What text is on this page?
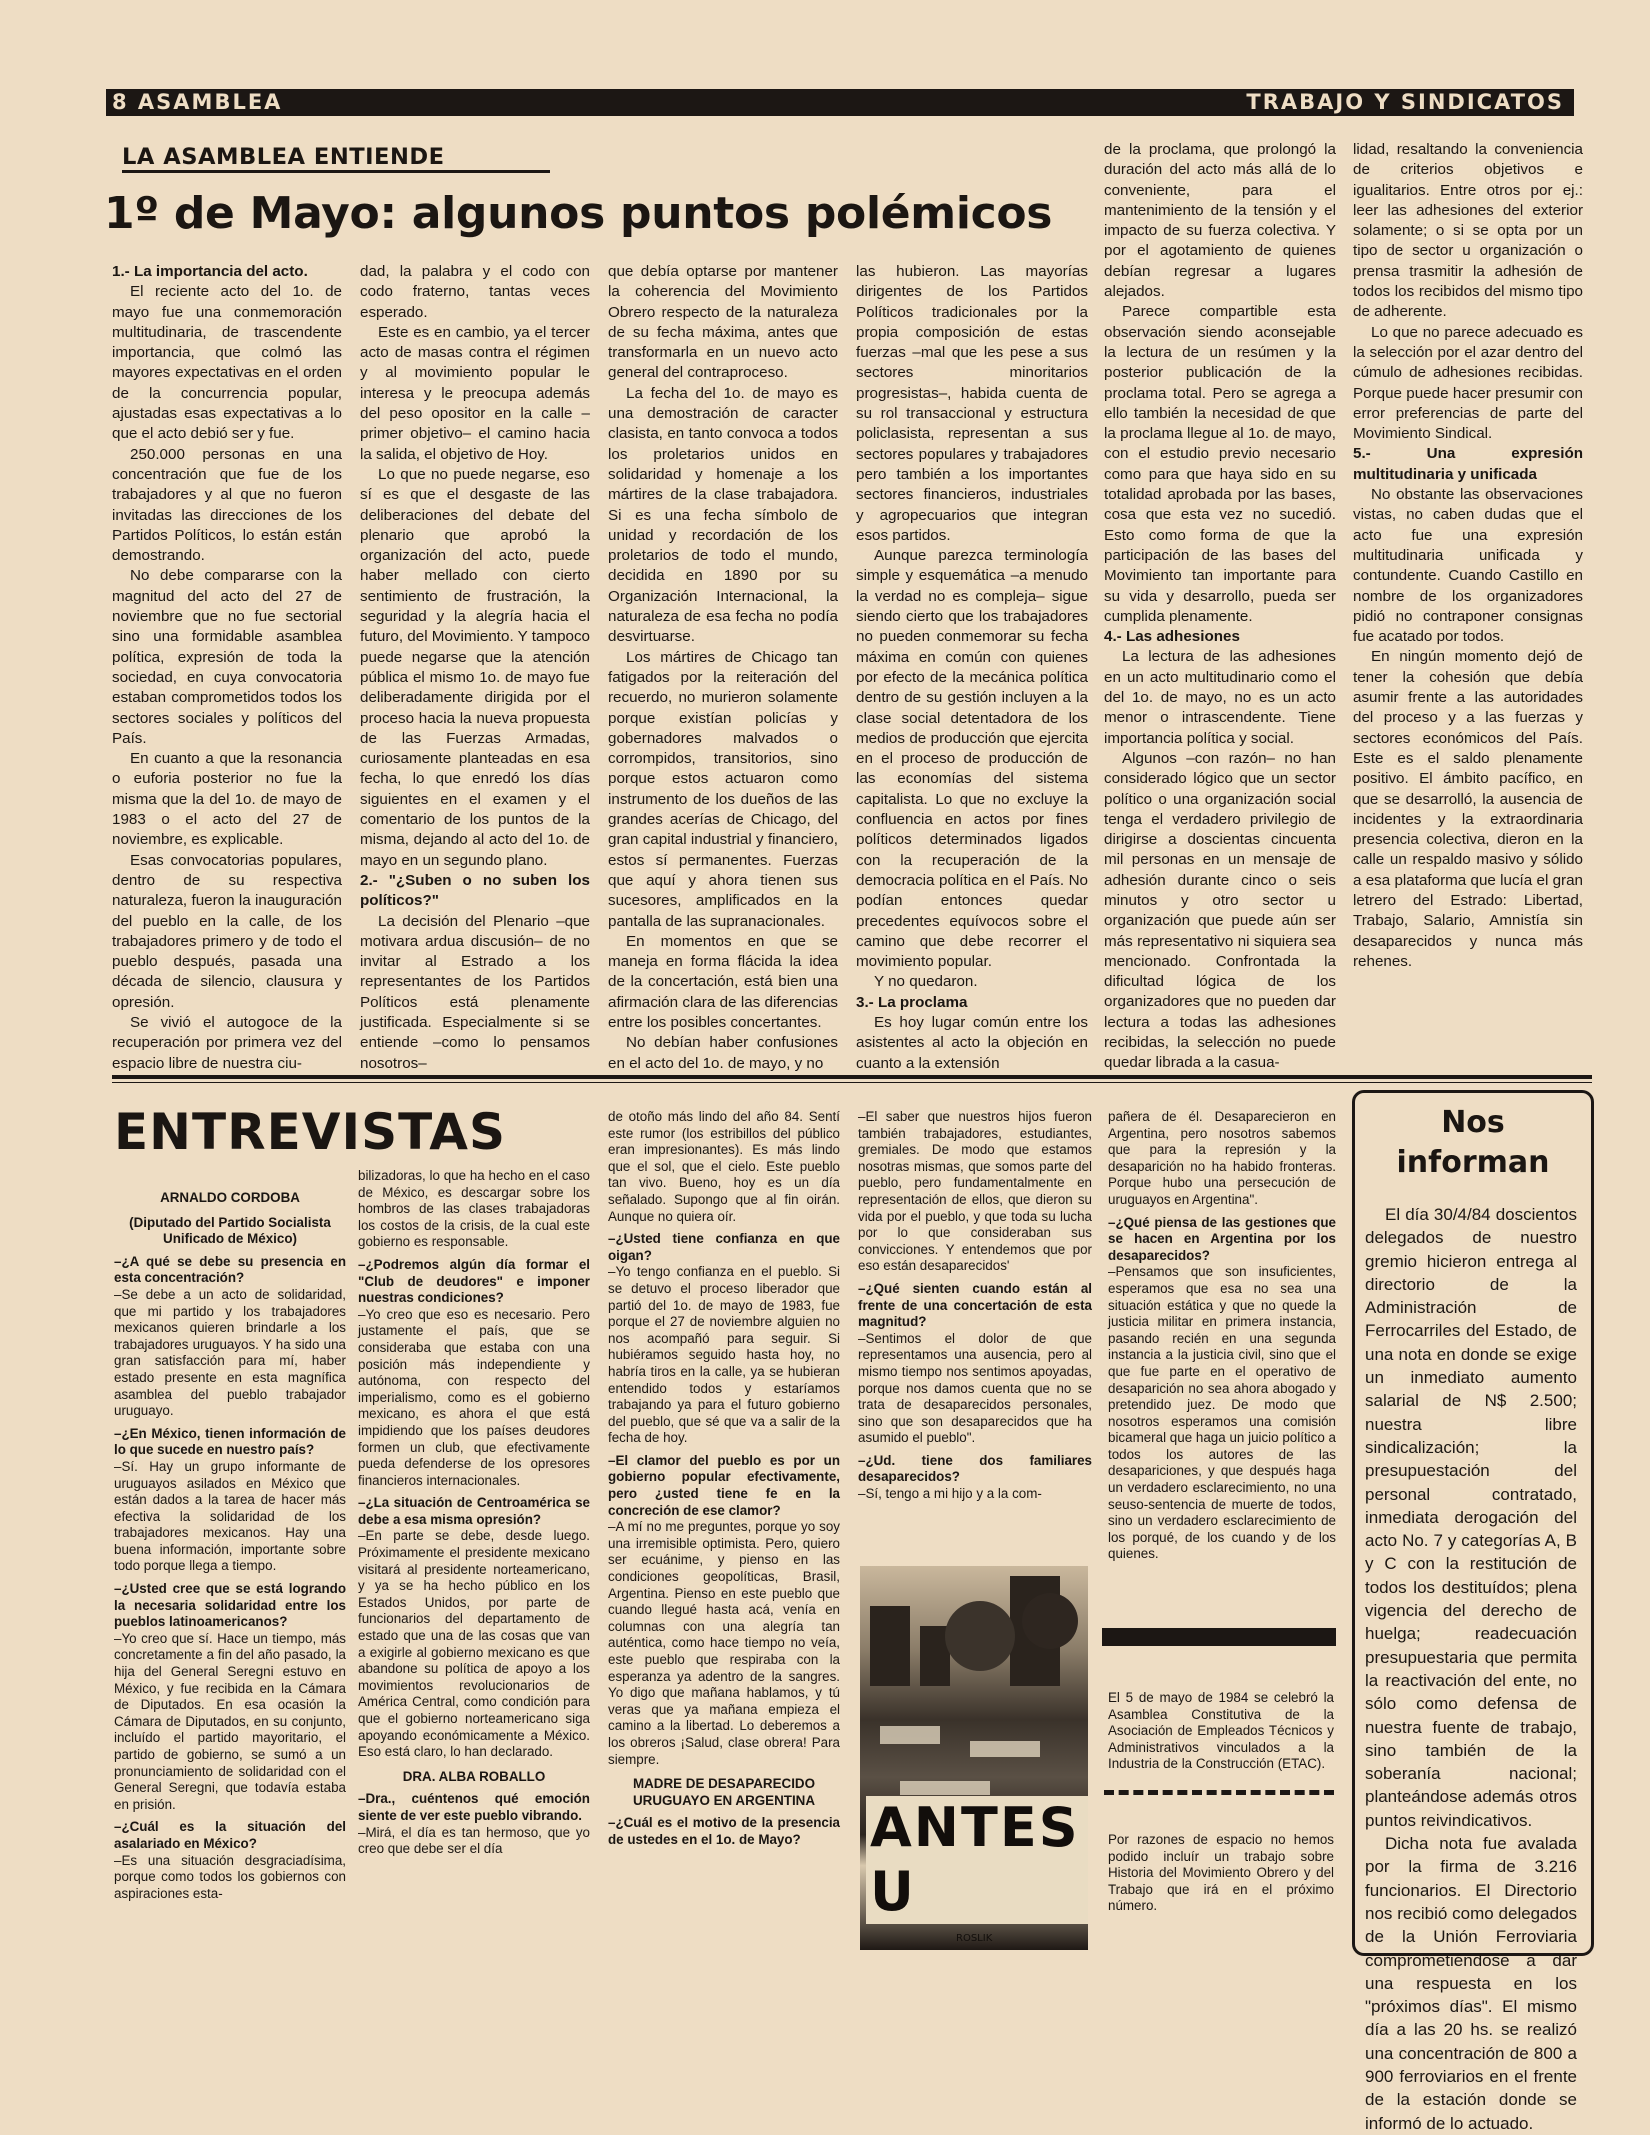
8 ASAMBLEA	TRABAJO Y SINDICATOS
LA ASAMBLEA ENTIENDE
1º de Mayo: algunos puntos polémicos

1.- La importancia del acto.

El reciente acto del 1o. de mayo fue una conmemoración multitudinaria, de trascendente importancia, que colmó las mayores expectativas en el orden de la concurrencia popular, ajustadas esas expectativas a lo que el acto debió ser y fue.

250.000 personas en una concentración que fue de los trabajadores y al que no fueron invitadas las direcciones de los Partidos Políticos, lo están están demostrando.

No debe compararse con la magnitud del acto del 27 de noviembre que no fue sectorial sino una formidable asamblea política, expresión de toda la sociedad, en cuya convocatoria estaban comprometidos todos los sectores sociales y políticos del País.

En cuanto a que la resonancia o euforia posterior no fue la misma que la del 1o. de mayo de 1983 o el acto del 27 de noviembre, es explicable.

Esas convocatorias populares, dentro de su respectiva naturaleza, fueron la inauguración del pueblo en la calle, de los trabajadores primero y de todo el pueblo después, pasada una década de silencio, clausura y opresión.

Se vivió el autogoce de la recuperación por primera vez del espacio libre de nuestra ciu-

dad, la palabra y el codo con codo fraterno, tantas veces esperado.

Este es en cambio, ya el tercer acto de masas contra el régimen y al movimiento popular le interesa y le preocupa además del peso opositor en la calle –primer objetivo– el camino hacia la salida, el objetivo de Hoy.

Lo que no puede negarse, eso sí es que el desgaste de las deliberaciones del debate del plenario que aprobó la organización del acto, puede haber mellado con cierto sentimiento de frustración, la seguridad y la alegría hacia el futuro, del Movimiento. Y tampoco puede negarse que la atención pública el mismo 1o. de mayo fue deliberadamente dirigida por el proceso hacia la nueva propuesta de las Fuerzas Armadas, curiosamente planteadas en esa fecha, lo que enredó los días siguientes en el examen y el comentario de los puntos de la misma, dejando al acto del 1o. de mayo en un segundo plano.

2.- "¿Suben o no suben los políticos?"

La decisión del Plenario –que motivara ardua discusión– de no invitar al Estrado a los representantes de los Partidos Políticos está plenamente justificada. Especialmente si se entiende –como lo pensamos nosotros–

que debía optarse por mantener la coherencia del Movimiento Obrero respecto de la naturaleza de su fecha máxima, antes que transformarla en un nuevo acto general del contraproceso.

La fecha del 1o. de mayo es una demostración de caracter clasista, en tanto convoca a todos los proletarios unidos en solidaridad y homenaje a los mártires de la clase trabajadora. Si es una fecha símbolo de unidad y recordación de los proletarios de todo el mundo, decidida en 1890 por su Organización Internacional, la naturaleza de esa fecha no podía desvirtuarse.

Los mártires de Chicago tan fatigados por la reiteración del recuerdo, no murieron solamente porque existían policías y gobernadores malvados o corrompidos, transitorios, sino porque estos actuaron como instrumento de los dueños de las grandes acerías de Chicago, del gran capital industrial y financiero, estos sí permanentes. Fuerzas que aquí y ahora tienen sus sucesores, amplificados en la pantalla de las supranacionales.

En momentos en que se maneja en forma flácida la idea de la concertación, está bien una afirmación clara de las diferencias entre los posibles concertantes.

No debían haber confusiones en el acto del 1o. de mayo, y no

las hubieron. Las mayorías dirigentes de los Partidos Políticos tradicionales por la propia composición de estas fuerzas –mal que les pese a sus sectores minoritarios progresistas–, habida cuenta de su rol transaccional y estructura policlasista, representan a sus sectores populares y trabajadores pero también a los importantes sectores financieros, industriales y agropecuarios que integran esos partidos.

Aunque parezca terminología simple y esquemática –a menudo la verdad no es compleja– sigue siendo cierto que los trabajadores no pueden conmemorar su fecha máxima en común con quienes por efecto de la mecánica política dentro de su gestión incluyen a la clase social detentadora de los medios de producción que ejercita en el proceso de producción de las economías del sistema capitalista. Lo que no excluye la confluencia en actos por fines políticos determinados ligados con la recuperación de la democracia política en el País. No podían entonces quedar precedentes equívocos sobre el camino que debe recorrer el movimiento popular.

Y no quedaron.

3.- La proclama

Es hoy lugar común entre los asistentes al acto la objeción en cuanto a la extensión

de la proclama, que prolongó la duración del acto más allá de lo conveniente, para el mantenimiento de la tensión y el impacto de su fuerza colectiva. Y por el agotamiento de quienes debían regresar a lugares alejados.

Parece compartible esta observación siendo aconsejable la lectura de un resúmen y la posterior publicación de la proclama total. Pero se agrega a ello también la necesidad de que la proclama llegue al 1o. de mayo, con el estudio previo necesario como para que haya sido en su totalidad aprobada por las bases, cosa que esta vez no sucedió. Esto como forma de que la participación de las bases del Movimiento tan importante para su vida y desarrollo, pueda ser cumplida plenamente.

4.- Las adhesiones

La lectura de las adhesiones en un acto multitudinario como el del 1o. de mayo, no es un acto menor o intrascendente. Tiene importancia política y social.

Algunos –con razón– no han considerado lógico que un sector político o una organización social tenga el verdadero privilegio de dirigirse a doscientas cincuenta mil personas en un mensaje de adhesión durante cinco o seis minutos y otro sector u organización que puede aún ser más representativo ni siquiera sea mencionado. Confrontada la dificultad lógica de los organizadores que no pueden dar lectura a todas las adhesiones recibidas, la selección no puede quedar librada a la casua-

lidad, resaltando la conveniencia de criterios objetivos e igualitarios. Entre otros por ej.: leer las adhesiones del exterior solamente; o si se opta por un tipo de sector u organización o prensa trasmitir la adhesión de todos los recibidos del mismo tipo de adherente.

Lo que no parece adecuado es la selección por el azar dentro del cúmulo de adhesiones recibidas. Porque puede hacer presumir con error preferencias de parte del Movimiento Sindical.

5.- Una expresión multitudinaria y unificada

No obstante las observaciones vistas, no caben dudas que el acto fue una expresión multitudinaria unificada y contundente. Cuando Castillo en nombre de los organizadores pidió no contraponer consignas fue acatado por todos.

En ningún momento dejó de tener la cohesión que debía asumir frente a las autoridades del proceso y a las fuerzas y sectores económicos del País. Este es el saldo plenamente positivo. El ámbito pacífico, en que se desarrolló, la ausencia de incidentes y la extraordinaria presencia colectiva, dieron en la calle un respaldo masivo y sólido a esa plataforma que lucía el gran letrero del Estrado: Libertad, Trabajo, Salario, Amnistía sin desaparecidos y nunca más rehenes.

ENTREVISTAS

ARNALDO CORDOBA

(Diputado del Partido Socialista Unificado de México)

–¿A qué se debe su presencia en esta concentración?

–Se debe a un acto de solidaridad, que mi partido y los trabajadores mexicanos quieren brindarle a los trabajadores uruguayos. Y ha sido una gran satisfacción para mí, haber estado presente en esta magnífica asamblea del pueblo trabajador uruguayo.

–¿En México, tienen información de lo que sucede en nuestro país?

–Sí. Hay un grupo informante de uruguayos asilados en México que están dados a la tarea de hacer más efectiva la solidaridad de los trabajadores mexicanos. Hay una buena información, importante sobre todo porque llega a tiempo.

–¿Usted cree que se está logrando la necesaria solidaridad entre los pueblos latinoamericanos?

–Yo creo que sí. Hace un tiempo, más concretamente a fin del año pasado, la hija del General Seregni estuvo en México, y fue recibida en la Cámara de Diputados. En esa ocasión la Cámara de Diputados, en su conjunto, incluído el partido mayoritario, el partido de gobierno, se sumó a un pronunciamiento de solidaridad con el General Seregni, que todavía estaba en prisión.

–¿Cuál es la situación del asalariado en México?

–Es una situación desgraciadísima, porque como todos los gobiernos con aspiraciones esta-

bilizadoras, lo que ha hecho en el caso de México, es descargar sobre los hombros de las clases trabajadoras los costos de la crisis, de la cual este gobierno es responsable.

–¿Podremos algún día formar el "Club de deudores" e imponer nuestras condiciones?

–Yo creo que eso es necesario. Pero justamente el país, que se consideraba que estaba con una posición más independiente y autónoma, con respecto del imperialismo, como es el gobierno mexicano, es ahora el que está impidiendo que los países deudores formen un club, que efectivamente pueda defenderse de los opresores financieros internacionales.

–¿La situación de Centroamérica se debe a esa misma opresión?

–En parte se debe, desde luego. Próximamente el presidente mexicano visitará al presidente norteamericano, y ya se ha hecho público en los Estados Unidos, por parte de funcionarios del departamento de estado que una de las cosas que van a exigirle al gobierno mexicano es que abandone su política de apoyo a los movimientos revolucionarios de América Central, como condición para que el gobierno norteamericano siga apoyando económicamente a México. Eso está claro, lo han declarado.

DRA. ALBA ROBALLO

–Dra., cuéntenos qué emoción siente de ver este pueblo vibrando.

–Mirá, el día es tan hermoso, que yo creo que debe ser el día

de otoño más lindo del año 84. Sentí este rumor (los estribillos del público eran impresionantes). Es más lindo que el sol, que el cielo. Este pueblo tan vivo. Bueno, hoy es un día señalado. Supongo que al fin oirán. Aunque no quiera oír.

–¿Usted tiene confianza en que oigan?

–Yo tengo confianza en el pueblo. Si se detuvo el proceso liberador que partió del 1o. de mayo de 1983, fue porque el 27 de noviembre alguien no nos acompañó para seguir. Si hubiéramos seguido hasta hoy, no habría tiros en la calle, ya se hubieran entendido todos y estaríamos trabajando ya para el futuro gobierno del pueblo, que sé que va a salir de la fecha de hoy.

–El clamor del pueblo es por un gobierno popular efectivamente, pero ¿usted tiene fe en la concreción de ese clamor?

–A mí no me preguntes, porque yo soy una irremisible optimista. Pero, quiero ser ecuánime, y pienso en las condiciones geopolíticas, Brasil, Argentina. Pienso en este pueblo que cuando llegué hasta acá, venía en columnas con una alegría tan auténtica, como hace tiempo no veía, este pueblo que respiraba con la esperanza ya adentro de la sangres. Yo digo que mañana hablamos, y tú veras que ya mañana empieza el camino a la libertad. Lo deberemos a los obreros ¡Salud, clase obrera! Para siempre.

MADRE DE DESAPARECIDO URUGUAYO EN ARGENTINA

–¿Cuál es el motivo de la presencia de ustedes en el 1o. de Mayo?

–El saber que nuestros hijos fueron también trabajadores, estudiantes, gremiales. De modo que estamos nosotras mismas, que somos parte del pueblo, pero fundamentalmente en representación de ellos, que dieron su vida por el pueblo, y que toda su lucha por lo que consideraban sus convicciones. Y entendemos que por eso están desaparecidos'

–¿Qué sienten cuando están al frente de una concertación de esta magnitud?

–Sentimos el dolor de que representamos una ausencia, pero al mismo tiempo nos sentimos apoyadas, porque nos damos cuenta que no se trata de desaparecidos personales, sino que son desaparecidos que ha asumido el pueblo".

–¿Ud. tiene dos familiares desaparecidos?

–Sí, tengo a mi hijo y a la com-

pañera de él. Desaparecieron en Argentina, pero nosotros sabemos que para la represión y la desaparición no ha habido fronteras. Porque hubo una persecución de uruguayos en Argentina".

–¿Qué piensa de las gestiones que se hacen en Argentina por los desaparecidos?

–Pensamos que son insuficientes, esperamos que esa no sea una situación estática y que no quede la justicia militar en primera instancia, pasando recién en una segunda instancia a la justicia civil, sino que el que fue parte en el operativo de desaparición no sea ahora abogado y pretendido juez. De modo que nosotros esperamos una comisión bicameral que haga un juicio político a todos los autores de las desapariciones, y que después haga un verdadero esclarecimiento, no una seuso-sentencia de muerte de todos, sino un verdadero esclarecimiento de los porqué, de los cuando y de los quienes.

ANTES U
ROSLIK
El 5 de mayo de 1984 se celebró la Asamblea Constitutiva de la Asociación de Empleados Técnicos y Administrativos vinculados a la Industria de la Construcción (ETAC).
Por razones de espacio no hemos podido incluír un trabajo sobre Historia del Movimiento Obrero y del Trabajo que irá en el próximo número.
Nos
informan

El día 30/4/84 doscientos delegados de nuestro gremio hicieron entrega al directorio de la Administración de Ferrocarriles del Estado, de una nota en donde se exige un inmediato aumento salarial de N$ 2.500; nuestra libre sindicalización; la presupuestación del personal contratado, inmediata derogación del acto No. 7 y categorías A, B y C con la restitución de todos los destituídos; plena vigencia del derecho de huelga; readecuación presupuestaria que permita la reactivación del ente, no sólo como defensa de nuestra fuente de trabajo, sino también de la soberanía nacional; planteándose además otros puntos reivindicativos.

Dicha nota fue avalada por la firma de 3.216 funcionarios. El Directorio nos recibió como delegados de la Unión Ferroviaria comprometiéndose a dar una respuesta en los "próximos días". El mismo día a las 20 hs. se realizó una concentración de 800 a 900 ferroviarios en el frente de la estación donde se informó de lo actuado.
